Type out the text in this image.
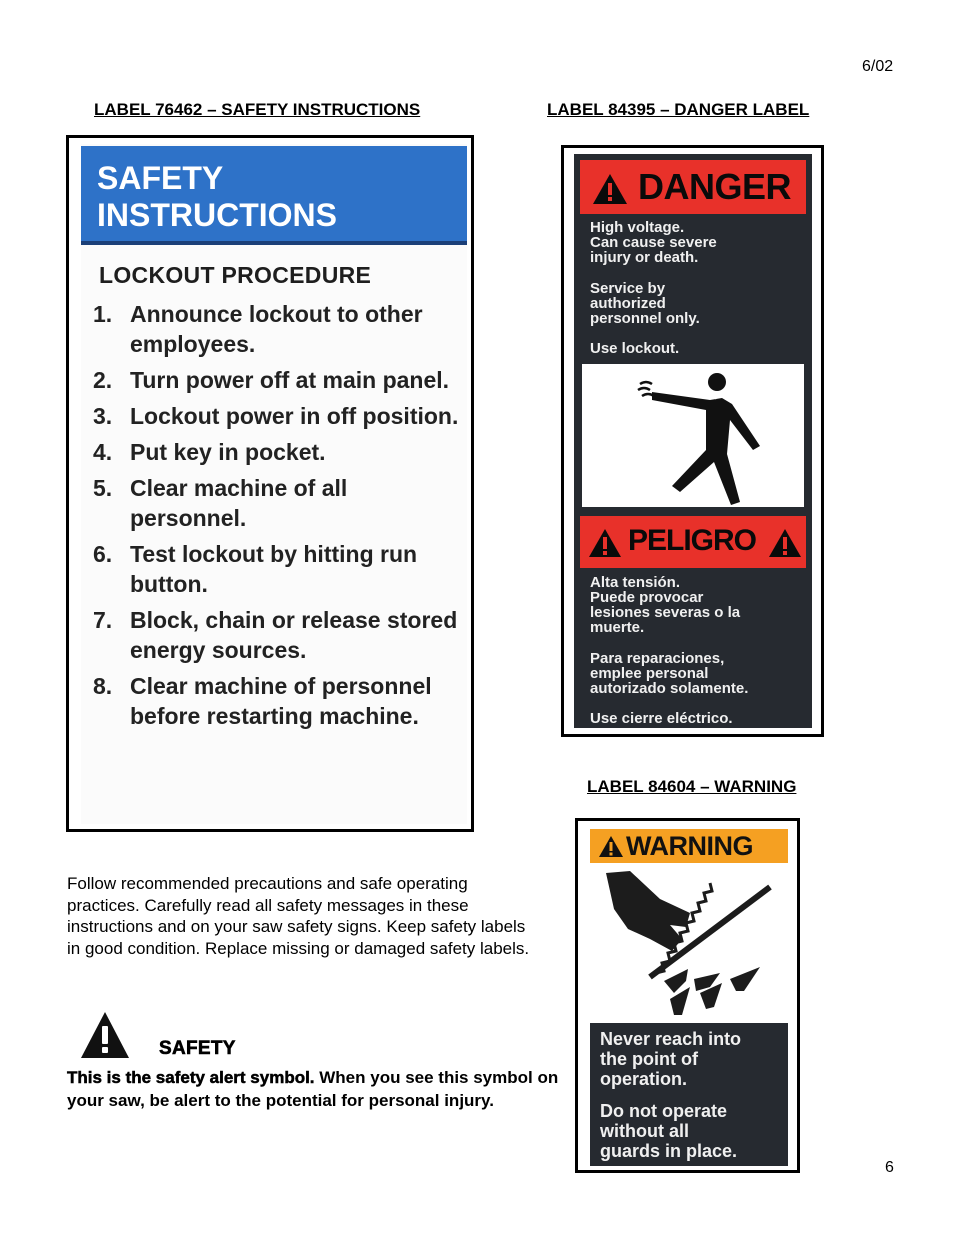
6/02
6
LABEL 76462 – SAFETY INSTRUCTIONS	LABEL 84395 – DANGER LABEL
LABEL 84604 – WARNING
SAFETY
INSTRUCTIONS
LOCKOUT PROCEDURE
1. Announce lockout to other employees.
2. Turn power off at main panel.
3. Lockout power in off position.
4. Put key in pocket.
5. Clear machine of all personnel.
6. Test lockout by hitting run button.
7. Block, chain or release stored energy sources.
8. Clear machine of personnel before restarting machine.
DANGER
High voltage.
Can cause severe
injury or death.
Service by
authorized
personnel only.
Use lockout.
PELIGRO
Alta tensión.
Puede provocar
lesiones severas o la
muerte.
Para reparaciones,
emplee personal
autorizado solamente.
Use cierre eléctrico.
WARNING
Never reach into
the point of
operation.
Do not operate
without all
guards in place.
Follow recommended precautions and safe operating practices. Carefully read all safety messages in these instructions and on your saw safety signs. Keep safety labels in good condition. Replace missing or damaged safety labels.
SAFETY
This is the safety alert symbol. When you see this symbol on your saw, be alert to the potential for personal injury.
